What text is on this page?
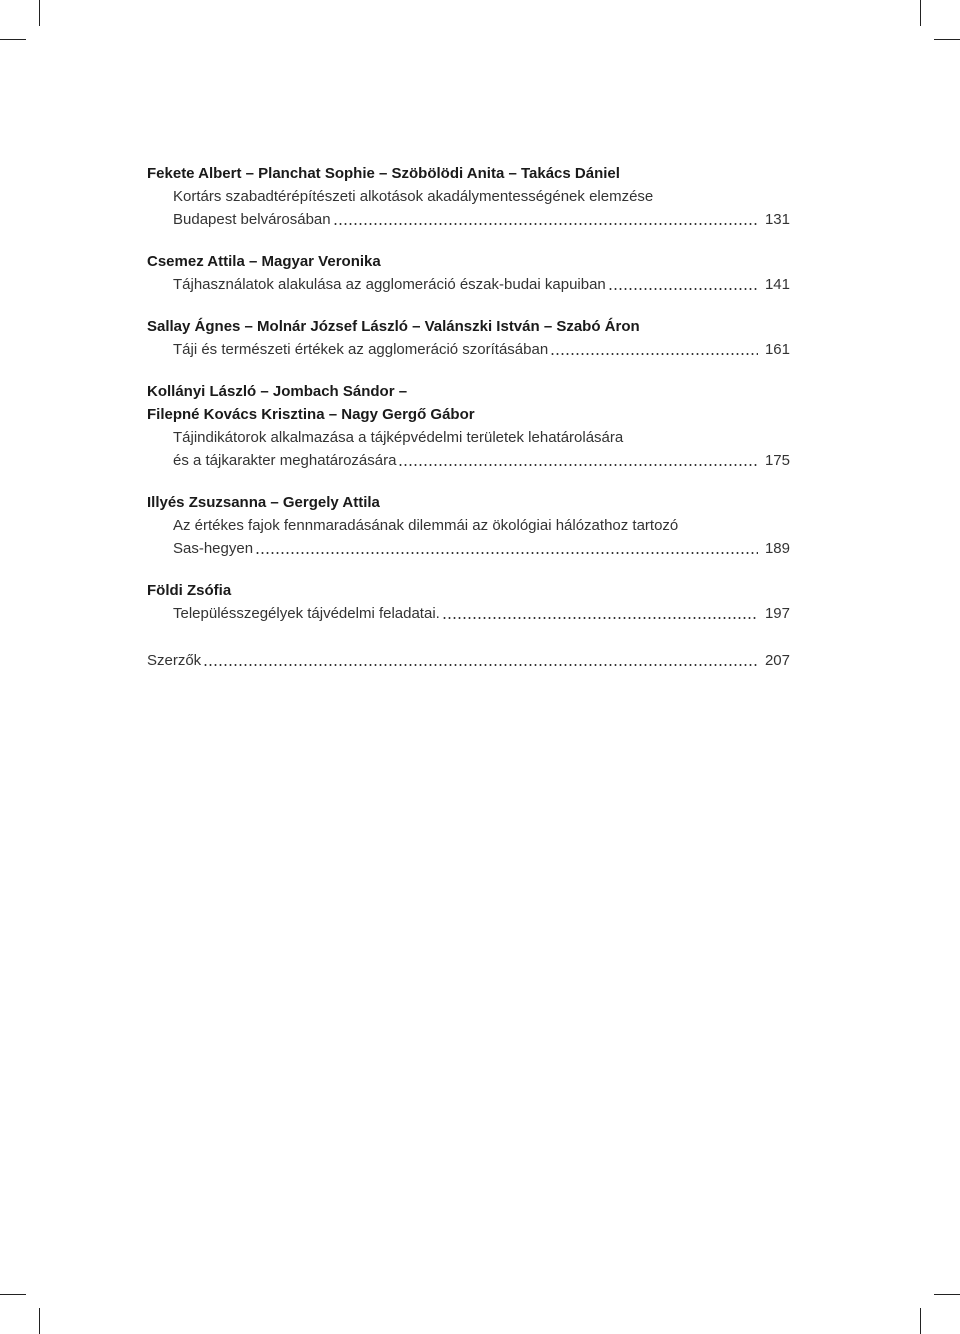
Fekete Albert – Planchat Sophie – Szöbölödi Anita – Takács Dániel
Kortárs szabadtérépítészeti alkotások akadálymentességének elemzése
Budapest belvárosában	131
Csemez Attila – Magyar Veronika
Tájhasználatok alakulása az agglomeráció észak-budai kapuiban	141
Sallay Ágnes – Molnár József László – Valánszki István – Szabó Áron
Táji és természeti értékek az agglomeráció szorításában	161
Kollányi László – Jombach Sándor –
Filepné Kovács Krisztina – Nagy Gergő Gábor
Tájindikátorok alkalmazása a tájképvédelmi területek lehatárolására
és a tájkarakter meghatározására	175
Illyés Zsuzsanna – Gergely Attila
Az értékes fajok fennmaradásának dilemmái az ökológiai hálózathoz tartozó
Sas-hegyen	189
Földi Zsófia
Településszegélyek tájvédelmi feladatai.	197
Szerzők	207
